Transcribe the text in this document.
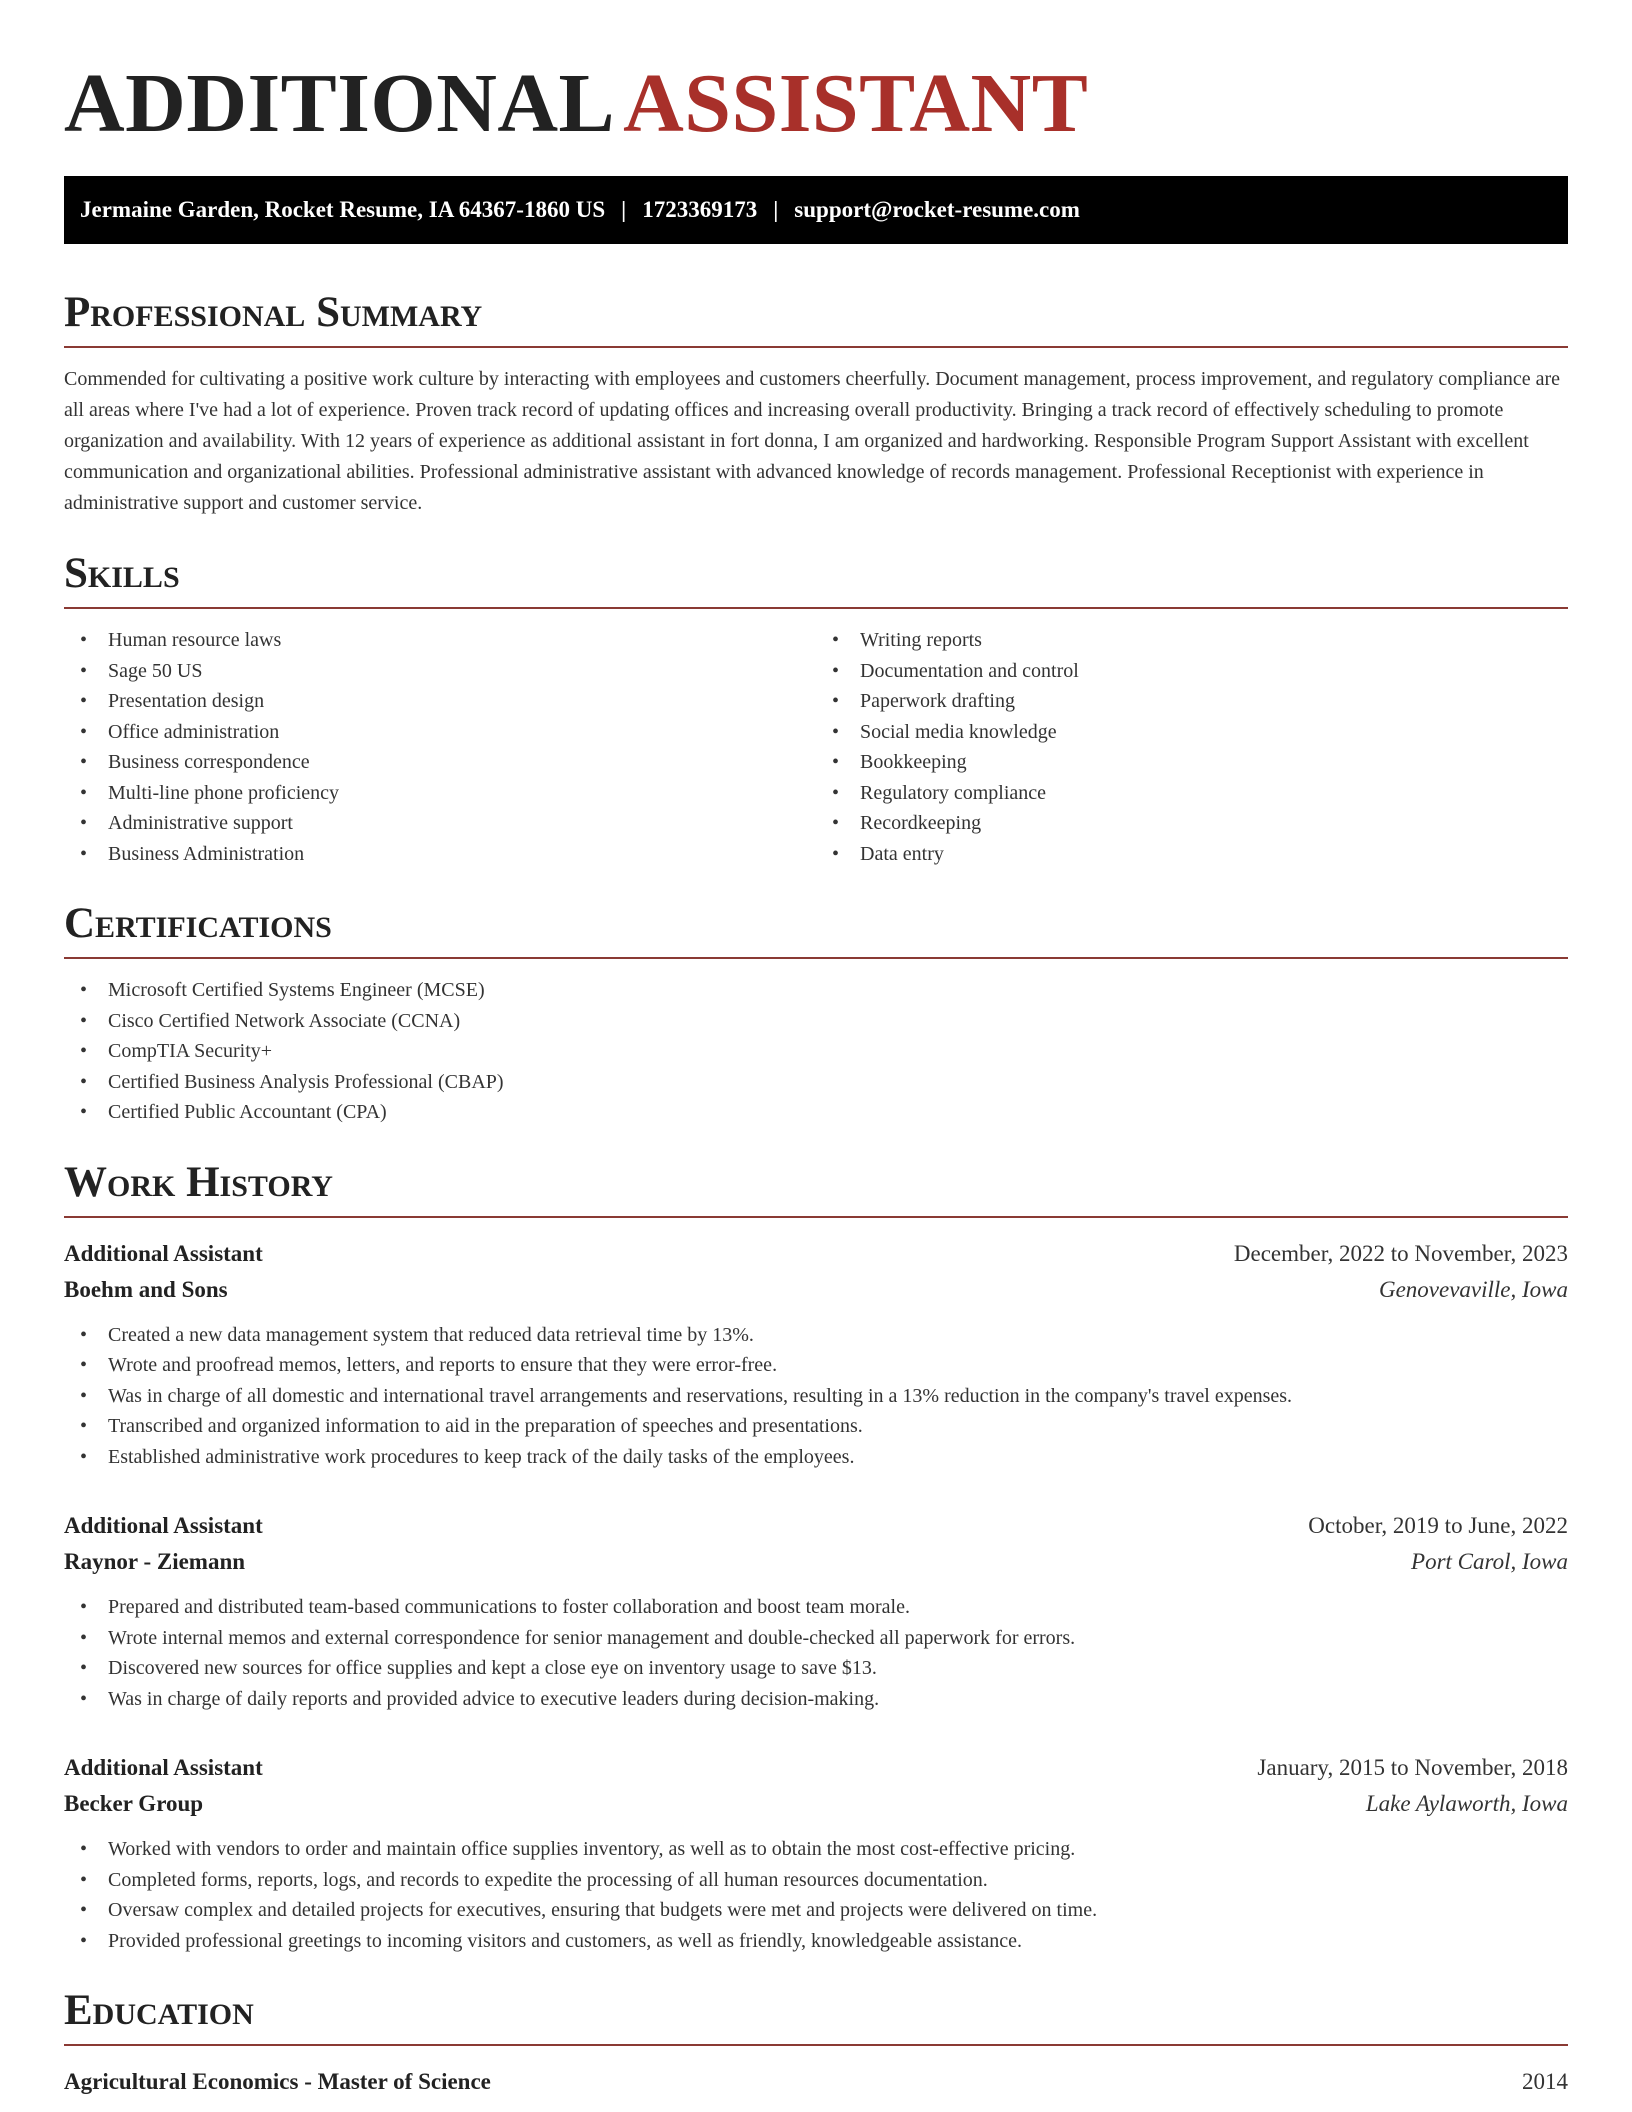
ADDITIONALASSISTANT
Jermaine Garden, Rocket Resume, IA 64367-1860 US | 1723369173 | support@rocket-resume.com
Professional Summary

Commended for cultivating a positive work culture by interacting with employees and customers cheerfully. Document management, process improvement, and regulatory compliance are all areas where I've had a lot of experience. Proven track record of updating offices and increasing overall productivity. Bringing a track record of effectively scheduling to promote organization and availability. With 12 years of experience as additional assistant in fort donna, I am organized and hardworking. Responsible Program Support Assistant with excellent communication and organizational abilities. Professional administrative assistant with advanced knowledge of records management. Professional Receptionist with experience in administrative support and customer service.

Skills
• Human resource laws
• Sage 50 US
• Presentation design
• Office administration
• Business correspondence
• Multi-line phone proficiency
• Administrative support
• Business Administration
• Writing reports
• Documentation and control
• Paperwork drafting
• Social media knowledge
• Bookkeeping
• Regulatory compliance
• Recordkeeping
• Data entry
Certifications
• Microsoft Certified Systems Engineer (MCSE)
• Cisco Certified Network Associate (CCNA)
• CompTIA Security+
• Certified Business Analysis Professional (CBAP)
• Certified Public Accountant (CPA)
Work History
Additional Assistant	December, 2022 to November, 2023
Boehm and Sons	Genovevaville, Iowa
• Created a new data management system that reduced data retrieval time by 13%.
• Wrote and proofread memos, letters, and reports to ensure that they were error-free.
• Was in charge of all domestic and international travel arrangements and reservations, resulting in a 13% reduction in the company's travel expenses.
• Transcribed and organized information to aid in the preparation of speeches and presentations.
• Established administrative work procedures to keep track of the daily tasks of the employees.
Additional Assistant	October, 2019 to June, 2022
Raynor - Ziemann	Port Carol, Iowa
• Prepared and distributed team-based communications to foster collaboration and boost team morale.
• Wrote internal memos and external correspondence for senior management and double-checked all paperwork for errors.
• Discovered new sources for office supplies and kept a close eye on inventory usage to save $13.
• Was in charge of daily reports and provided advice to executive leaders during decision-making.
Additional Assistant	January, 2015 to November, 2018
Becker Group	Lake Aylaworth, Iowa
• Worked with vendors to order and maintain office supplies inventory, as well as to obtain the most cost-effective pricing.
• Completed forms, reports, logs, and records to expedite the processing of all human resources documentation.
• Oversaw complex and detailed projects for executives, ensuring that budgets were met and projects were delivered on time.
• Provided professional greetings to incoming visitors and customers, as well as friendly, knowledgeable assistance.
Education
Agricultural Economics - Master of Science	2014
